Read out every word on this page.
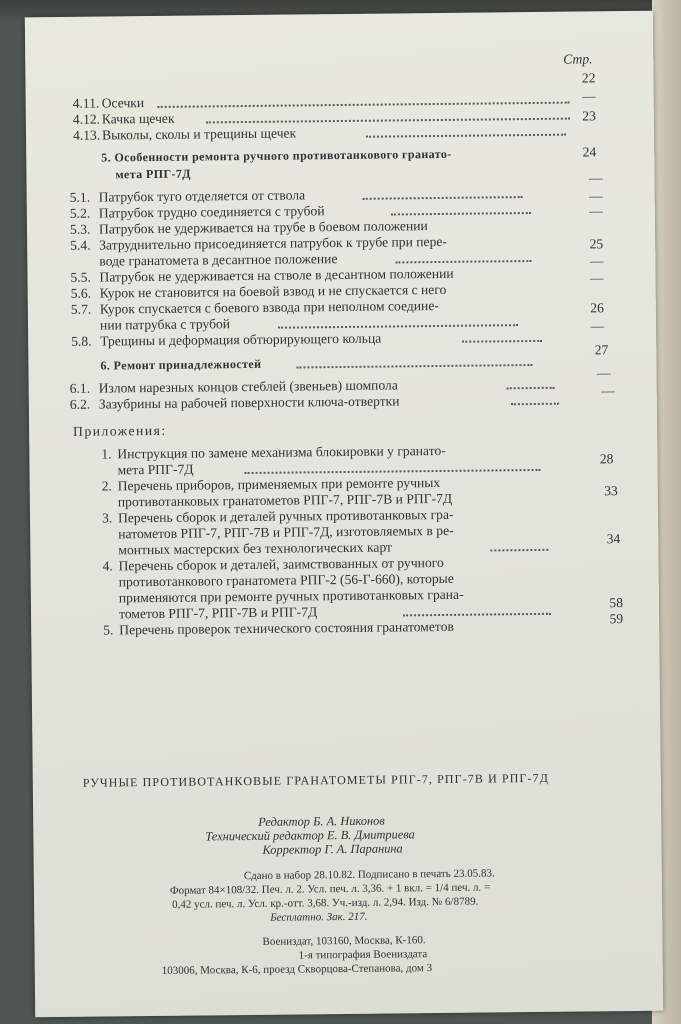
Стр.
4.11. Осечки
22
4.12. Качка щечек
—
4.13. Выколы, сколы и трещины щечек
23
5. Особенности ремонта ручного противотанкового гранато-
мета РПГ-7Д
24
5.1. Патрубок туго отделяется от ствола
—
5.2. Патрубок трудно соединяется с трубой
—
5.3. Патрубок не удерживается на трубе в боевом положении
—
5.4. Затруднительно присоединяется патрубок к трубе при пере-
воде гранатомета в десантное положение
25
5.5. Патрубок не удерживается на стволе в десантном положении
—
5.6. Курок не становится на боевой взвод и не спускается с него
—
5.7. Курок спускается с боевого взвода при неполном соедине-
нии патрубка с трубой
26
5.8. Трещины и деформация обтюрирующего кольца
—
6. Ремонт принадлежностей
27
6.1. Излом нарезных концов стеблей (звеньев) шомпола
—
6.2. Зазубрины на рабочей поверхности ключа-отвертки
—
Приложения:
1. Инструкция по замене механизма блокировки у гранато-
мета РПГ-7Д
28
2. Перечень приборов, применяемых при ремонте ручных
противотанковых гранатометов РПГ-7, РПГ-7В и РПГ-7Д
33
3. Перечень сборок и деталей ручных противотанковых гра-
натометов РПГ-7, РПГ-7В и РПГ-7Д, изготовляемых в ре-
монтных мастерских без технологических карт
34
4. Перечень сборок и деталей, заимствованных от ручного
противотанкового гранатомета РПГ-2 (56-Г-660), которые
применяются при ремонте ручных противотанковых грана-
тометов РПГ-7, РПГ-7В и РПГ-7Д
58
5. Перечень проверок технического состояния гранатометов
59
РУЧНЫЕ ПРОТИВОТАНКОВЫЕ ГРАНАТОМЕТЫ РПГ-7, РПГ-7В И РПГ-7Д
Редактор Б. А. Никонов
Технический редактор Е. В. Дмитриева
Корректор Г. А. Паранина
Сдано в набор 28.10.82. Подписано в печать 23.05.83.
Формат 84×108/32. Печ. л. 2. Усл. печ. л. 3,36. + 1 вкл. = 1/4 печ. л. =
0,42 усл. печ. л. Усл. кр.-отт. 3,68. Уч.-изд. л. 2,94. Изд. № 6/8789.
Бесплатно. Зак. 217.
Воениздат, 103160, Москва, К-160.
1-я типография Воениздата
103006, Москва, К-6, проезд Скворцова-Степанова, дом 3
